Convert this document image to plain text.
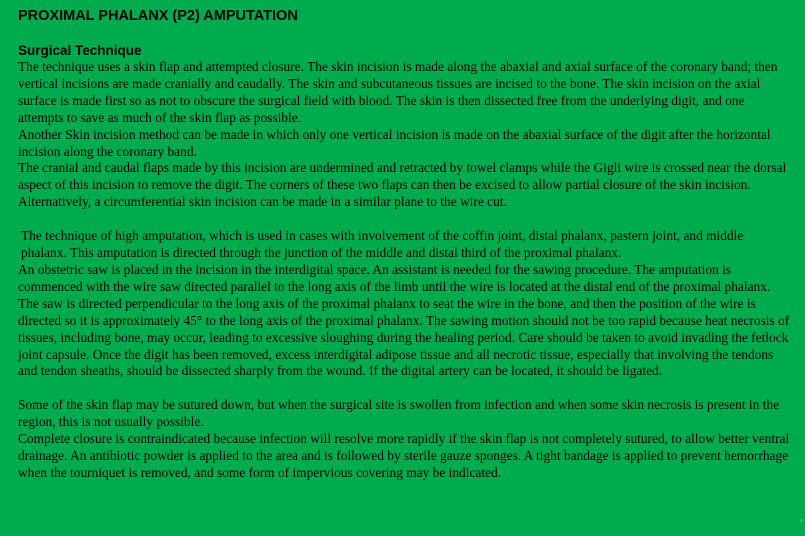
PROXIMAL PHALANX (P2) AMPUTATION
Surgical Technique

The technique uses a skin flap and attempted closure. The skin incision is made along the abaxial and axial surface of the coronary band; then vertical incisions are made cranially and caudally. The skin and subcutaneous tissues are incised to the bone. The skin incision on the axial surface is made first so as not to obscure the surgical field with blood. The skin is then dissected free from the underlying digit, and one attempts to save as much of the skin flap as possible.

Another Skin incision method can be made in which only one vertical incision is made on the abaxial surface of the digit after the horizontal incision along the coronary band.

The cranial and caudal flaps made by this incision are undermined and retracted by towel clamps while the Gigli wire is crossed near the dorsal aspect of this incision to remove the digit. The corners of these two flaps can then be excised to allow partial closure of the skin incision. Alternatively, a circumferential skin incision can be made in a similar plane to the wire cut.

The technique of high amputation, which is used in cases with involvement of the coffin joint, distal phalanx, pastern joint, and middle phalanx. This amputation is directed through the junction of the middle and distal third of the proximal phalanx.

An obstetric saw is placed in the incision in the interdigital space. An assistant is needed for the sawing procedure. The amputation is commenced with the wire saw directed parallel to the long axis of the limb until the wire is located at the distal end of the proximal phalanx. The saw is directed perpendicular to the long axis of the proximal phalanx to seat the wire in the bone, and then the position of the wire is directed so it is approximately 45° to the long axis of the proximal phalanx. The sawing motion should not be too rapid because heat necrosis of tissues, including bone, may occur, leading to excessive sloughing during the healing period. Care should be taken to avoid invading the fetlock joint capsule. Once the digit has been removed, excess interdigital adipose tissue and all necrotic tissue, especially that involving the tendons and tendon sheaths, should be dissected sharply from the wound. If the digital artery can be located, it should be ligated.

Some of the skin flap may be sutured down, but when the surgical site is swollen from infection and when some skin necrosis is present in the region, this is not usually possible.

Complete closure is contraindicated because infection will resolve more rapidly if the skin flap is not completely sutured, to allow better ventral drainage. An antibiotic powder is applied to the area and is followed by sterile gauze sponges. A tight bandage is applied to prevent hemorrhage when the tourniquet is removed, and some form of impervious covering may be indicated.
